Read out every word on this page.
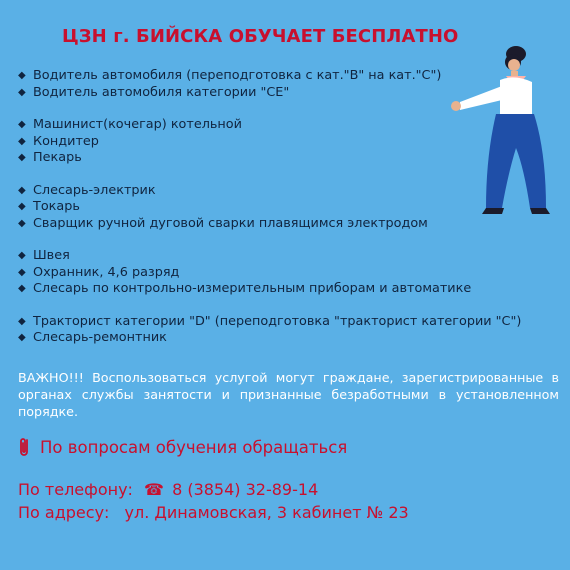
ЦЗН г. БИЙСКА ОБУЧАЕТ БЕСПЛАТНО
◆ Водитель автомобиля (переподготовка с кат."B" на кат."C")
◆ Водитель автомобиля категории "CE"
◆ Машинист(кочегар) котельной
◆ Кондитер
◆ Пекарь
◆ Слесарь-электрик
◆ Токарь
◆ Сварщик ручной дуговой сварки плавящимся электродом
◆ Швея
◆ Охранник, 4,6 разряд
◆ Слесарь по контрольно-измерительным приборам и автоматике
◆ Тракторист категории "D" (переподготовка "тракторист категории "C")
◆ Слесарь-ремонтник
ВАЖНО!!! Воспользоваться услугой могут граждане, зарегистрированные в органах службы занятости и признанные безработными в установленном порядке.
По вопросам обучения обращаться
По телефону: ☎ 8 (3854) 32-89-14
По адресу: ул. Динамовская, 3 кабинет № 23
